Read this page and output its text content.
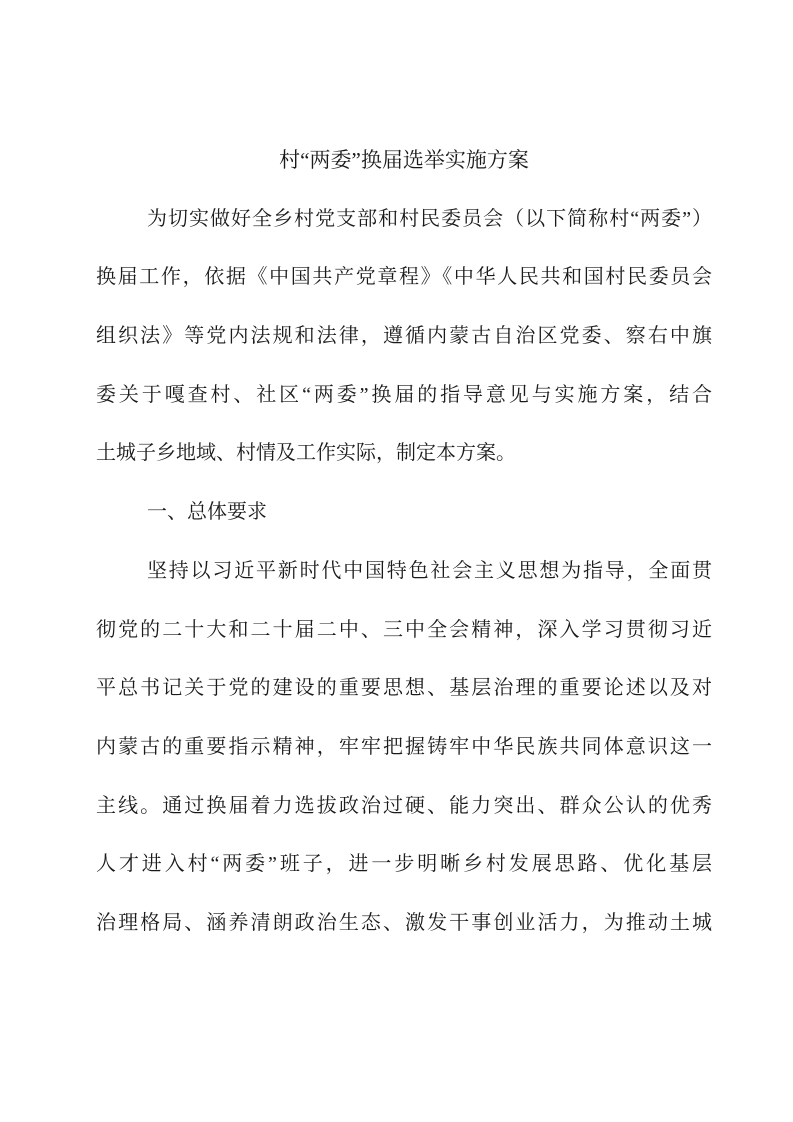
村“两委”换届选举实施方案
为切实做好全乡村党支部和村民委员会（以下简称村“两委”）
换届工作，依据《中国共产党章程》《中华人民共和国村民委员会
组织法》等党内法规和法律，遵循内蒙古自治区党委、察右中旗
委关于嘎查村、社区“两委”换届的指导意见与实施方案，结合
土城子乡地域、村情及工作实际，制定本方案。
一、总体要求
坚持以习近平新时代中国特色社会主义思想为指导，全面贯
彻党的二十大和二十届二中、三中全会精神，深入学习贯彻习近
平总书记关于党的建设的重要思想、基层治理的重要论述以及对
内蒙古的重要指示精神，牢牢把握铸牢中华民族共同体意识这一
主线。通过换届着力选拔政治过硬、能力突出、群众公认的优秀
人才进入村“两委”班子，进一步明晰乡村发展思路、优化基层
治理格局、涵养清朗政治生态、激发干事创业活力，为推动土城
